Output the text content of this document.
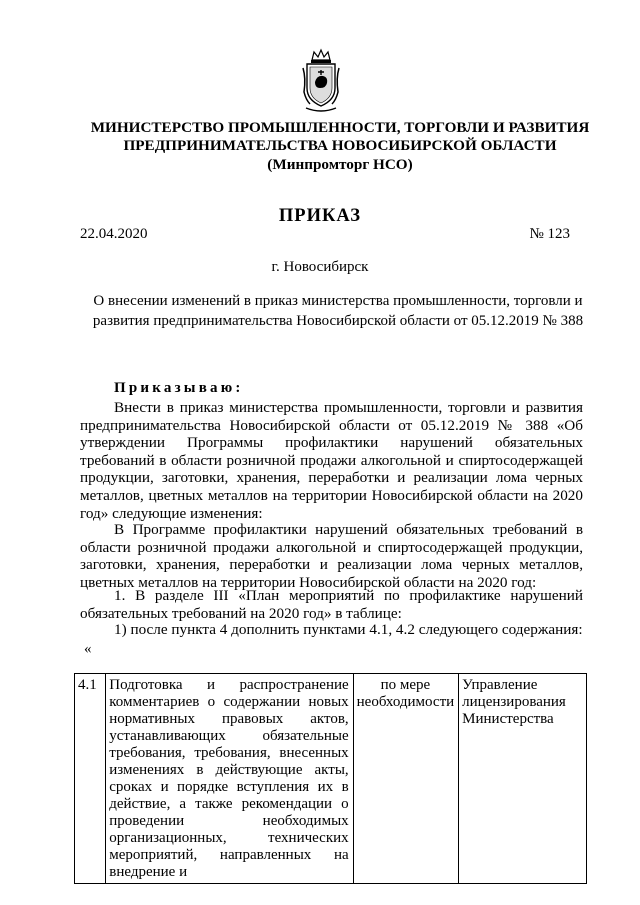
МИНИСТЕРСТВО ПРОМЫШЛЕННОСТИ, ТОРГОВЛИ И РАЗВИТИЯ
ПРЕДПРИНИМАТЕЛЬСТВА НОВОСИБИРСКОЙ ОБЛАСТИ
(Минпромторг НСО)
ПРИКАЗ
22.04.2020	№ 123
г. Новосибирск
О внесении изменений в приказ министерства промышленности, торговли и развития предпринимательства Новосибирской области от 05.12.2019 № 388
Приказываю:

Внести в приказ министерства промышленности, торговли и развития предпринимательства Новосибирской области от 05.12.2019 № 388 «Об утверждении Программы профилактики нарушений обязательных требований в области розничной продажи алкогольной и спиртосодержащей продукции, заготовки, хранения, переработки и реализации лома черных металлов, цветных металлов на территории Новосибирской области на 2020 год» следующие изменения:

В Программе профилактики нарушений обязательных требований в области розничной продажи алкогольной и спиртосодержащей продукции, заготовки, хранения, переработки и реализации лома черных металлов, цветных металлов на территории Новосибирской области на 2020 год:

1. В разделе III «План мероприятий по профилактике нарушений обязательных требований на 2020 год» в таблице:

1) после пункта 4 дополнить пунктами 4.1, 4.2 следующего содержания:

«
4.1	Подготовка и распространение комментариев о содержании новых нормативных правовых актов, устанавливающих обязательные требования, требования, внесенных изменениях в действующие акты, сроках и порядке вступления их в действие, а также рекомендации о проведении необходимых организационных, технических мероприятий, направленных на внедрение и	по мере необходимости	Управление лицензирования Министерства
